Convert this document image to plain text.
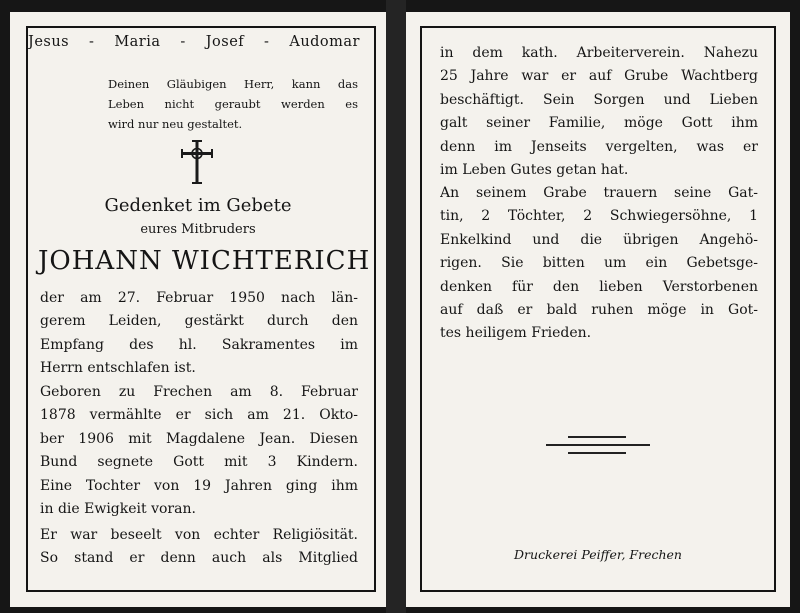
Jesus - Maria - Josef - Audomar
Deinen Gläubigen Herr, kann das
Leben nicht geraubt werden es
wird nur neu gestaltet.
Gedenket im Gebete
eures Mitbruders
JOHANN WICHTERICH
der am 27. Februar 1950 nach län-
gerem Leiden, gestärkt durch den
Empfang des hl. Sakramentes im
Herrn entschlafen ist.
Geboren zu Frechen am 8. Februar
1878 vermählte er sich am 21. Okto-
ber 1906 mit Magdalene Jean. Diesen
Bund segnete Gott mit 3 Kindern.
Eine Tochter von 19 Jahren ging ihm
in die Ewigkeit voran.
Er war beseelt von echter Religiösität.
So stand er denn auch als Mitglied
in dem kath. Arbeiterverein. Nahezu
25 Jahre war er auf Grube Wachtberg
beschäftigt. Sein Sorgen und Lieben
galt seiner Familie, möge Gott ihm
denn im Jenseits vergelten, was er
im Leben Gutes getan hat.
An seinem Grabe trauern seine Gat-
tin, 2 Töchter, 2 Schwiegersöhne, 1
Enkelkind und die übrigen Angehö-
rigen. Sie bitten um ein Gebetsge-
denken für den lieben Verstorbenen
auf daß er bald ruhen möge in Got-
tes heiligem Frieden.
Druckerei Peiffer, Frechen
